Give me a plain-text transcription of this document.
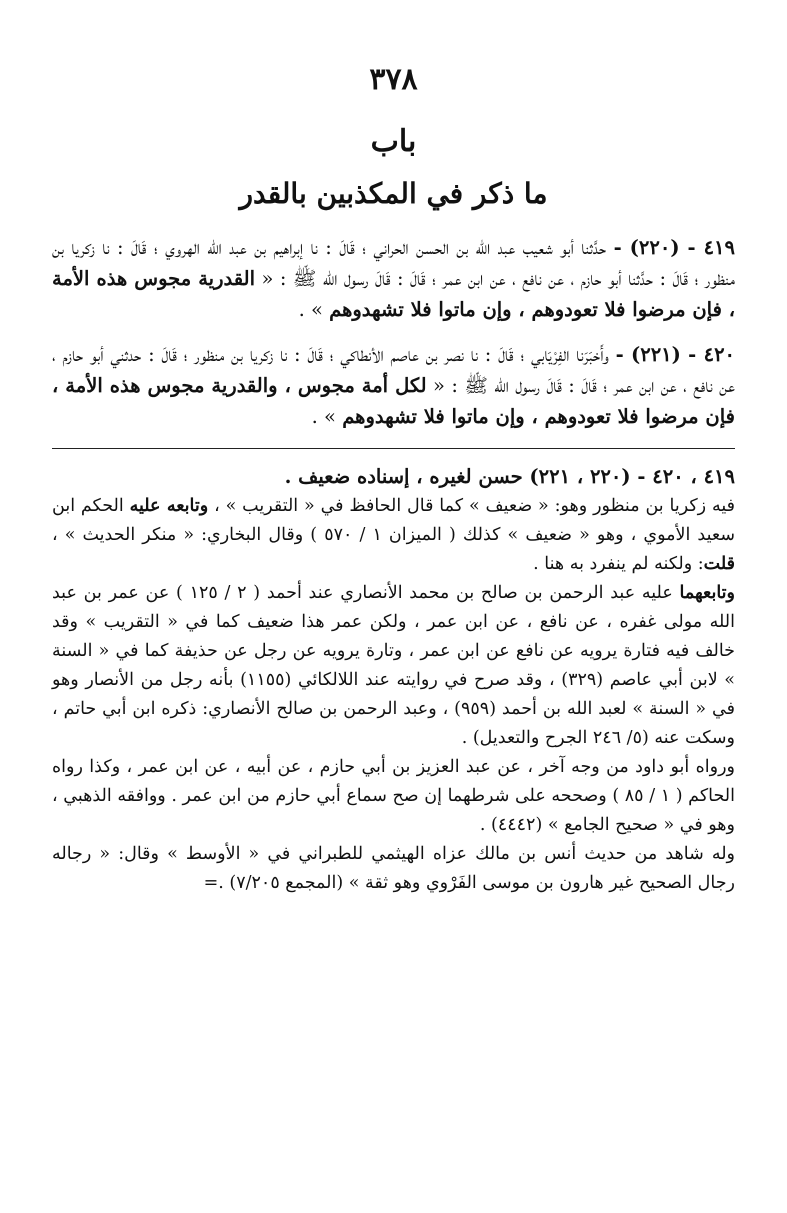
٣٧٨
باب
ما ذكر في المكذبين بالقدر
٤١٩ - (٢٢٠) - حدَّثنا أبو شعيب عبد الله بن الحسن الحراني ؛ قَالَ : نا إبراهيم بن عبد الله الهروي ؛ قَالَ : نا زكريا بن منظور ؛ قَالَ : حدَّثنا أبو حازم ، عن نافع ، عن ابن عمر ؛ قَالَ : قَالَ رسول الله ﷺ : « القدرية مجوس هذه الأمة ، فإن مرضوا فلا تعودوهم ، وإن ماتوا فلا تشهدوهم » .
٤٢٠ - (٢٢١) - وأَخبَرَنا الفِرْيَابي ؛ قَالَ : نا نصر بن عاصم الأنطاكي ؛ قَالَ : نا زكريا بن منظور ؛ قَالَ : حدثني أبو حازم ، عن نافع ، عن ابن عمر ؛ قَالَ : قَالَ رسول الله ﷺ : « لكل أمة مجوس ، والقدرية مجوس هذه الأمة ، فإن مرضوا فلا تعودوهم ، وإن ماتوا فلا تشهدوهم » .
٤١٩ ، ٤٢٠ - (٢٢٠ ، ٢٢١) حسن لغيره ، إسناده ضعيف .
فيه زكريا بن منظور وهو: « ضعيف » كما قال الحافظ في « التقريب » ، وتابعه عليه الحكم ابن سعيد الأموي ، وهو « ضعيف » كذلك ( الميزان ١ / ٥٧٠ ) وقال البخاري: « منكر الحديث » ، قلت: ولكنه لم ينفرد به هنا .
وتابعهما عليه عبد الرحمن بن صالح بن محمد الأنصاري عند أحمد ( ٢ / ١٢٥ ) عن عمر بن عبد الله مولى غفره ، عن نافع ، عن ابن عمر ، ولكن عمر هذا ضعيف كما في « التقريب » وقد خالف فيه فتارة يرويه عن نافع عن ابن عمر ، وتارة يرويه عن رجل عن حذيفة كما في « السنة » لابن أبي عاصم (٣٢٩) ، وقد صرح في روايته عند اللالكائي (١١٥٥) بأنه رجل من الأنصار وهو في « السنة » لعبد الله بن أحمد (٩٥٩) ، وعبد الرحمن بن صالح الأنصاري: ذكره ابن أبي حاتم ، وسكت عنه (٥/ ٢٤٦ الجرح والتعديل) .
ورواه أبو داود من وجه آخر ، عن عبد العزيز بن أبي حازم ، عن أبيه ، عن ابن عمر ، وكذا رواه الحاكم ( ١ / ٨٥ ) وصححه على شرطهما إن صح سماع أبي حازم من ابن عمر . ووافقه الذهبي ، وهو في « صحيح الجامع » (٤٤٤٢) .
وله شاهد من حديث أنس بن مالك عزاه الهيثمي للطبراني في « الأوسط » وقال: « رجاله رجال الصحيح غير هارون بن موسى الفَرْوي وهو ثقة » (المجمع ٧/٢٠٥) .=
